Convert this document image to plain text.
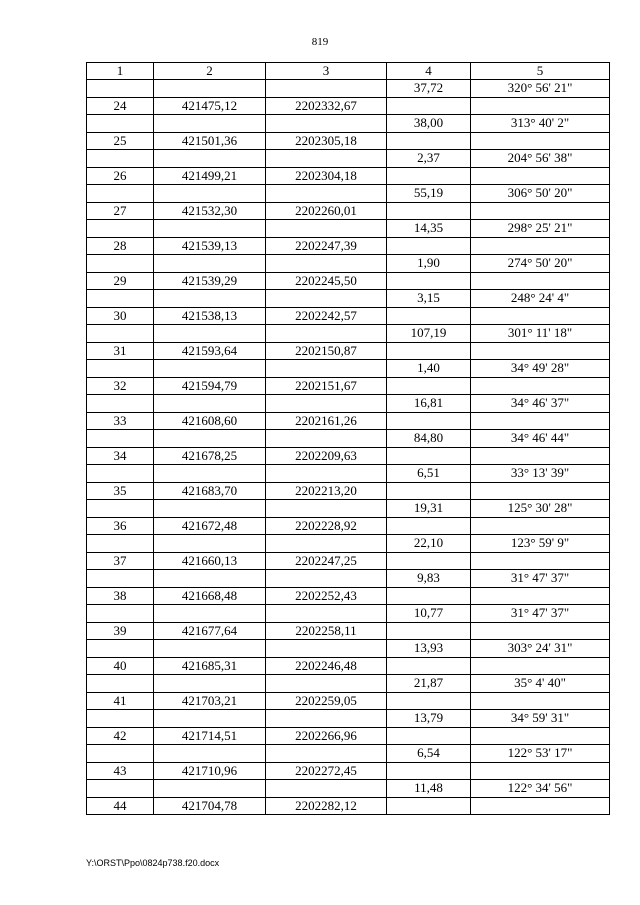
819
1	2	3	4	5
			37,72	320° 56' 21"
24	421475,12	2202332,67		
			38,00	313° 40' 2"
25	421501,36	2202305,18		
			2,37	204° 56' 38"
26	421499,21	2202304,18		
			55,19	306° 50' 20"
27	421532,30	2202260,01		
			14,35	298° 25' 21"
28	421539,13	2202247,39		
			1,90	274° 50' 20"
29	421539,29	2202245,50		
			3,15	248° 24' 4"
30	421538,13	2202242,57		
			107,19	301° 11' 18"
31	421593,64	2202150,87		
			1,40	34° 49' 28"
32	421594,79	2202151,67		
			16,81	34° 46' 37"
33	421608,60	2202161,26		
			84,80	34° 46' 44"
34	421678,25	2202209,63		
			6,51	33° 13' 39"
35	421683,70	2202213,20		
			19,31	125° 30' 28"
36	421672,48	2202228,92		
			22,10	123° 59' 9"
37	421660,13	2202247,25		
			9,83	31° 47' 37"
38	421668,48	2202252,43		
			10,77	31° 47' 37"
39	421677,64	2202258,11		
			13,93	303° 24' 31"
40	421685,31	2202246,48		
			21,87	35° 4' 40"
41	421703,21	2202259,05		
			13,79	34° 59' 31"
42	421714,51	2202266,96		
			6,54	122° 53' 17"
43	421710,96	2202272,45		
			11,48	122° 34' 56"
44	421704,78	2202282,12		
Y:\ORST\Ppo\0824p738.f20.docx
